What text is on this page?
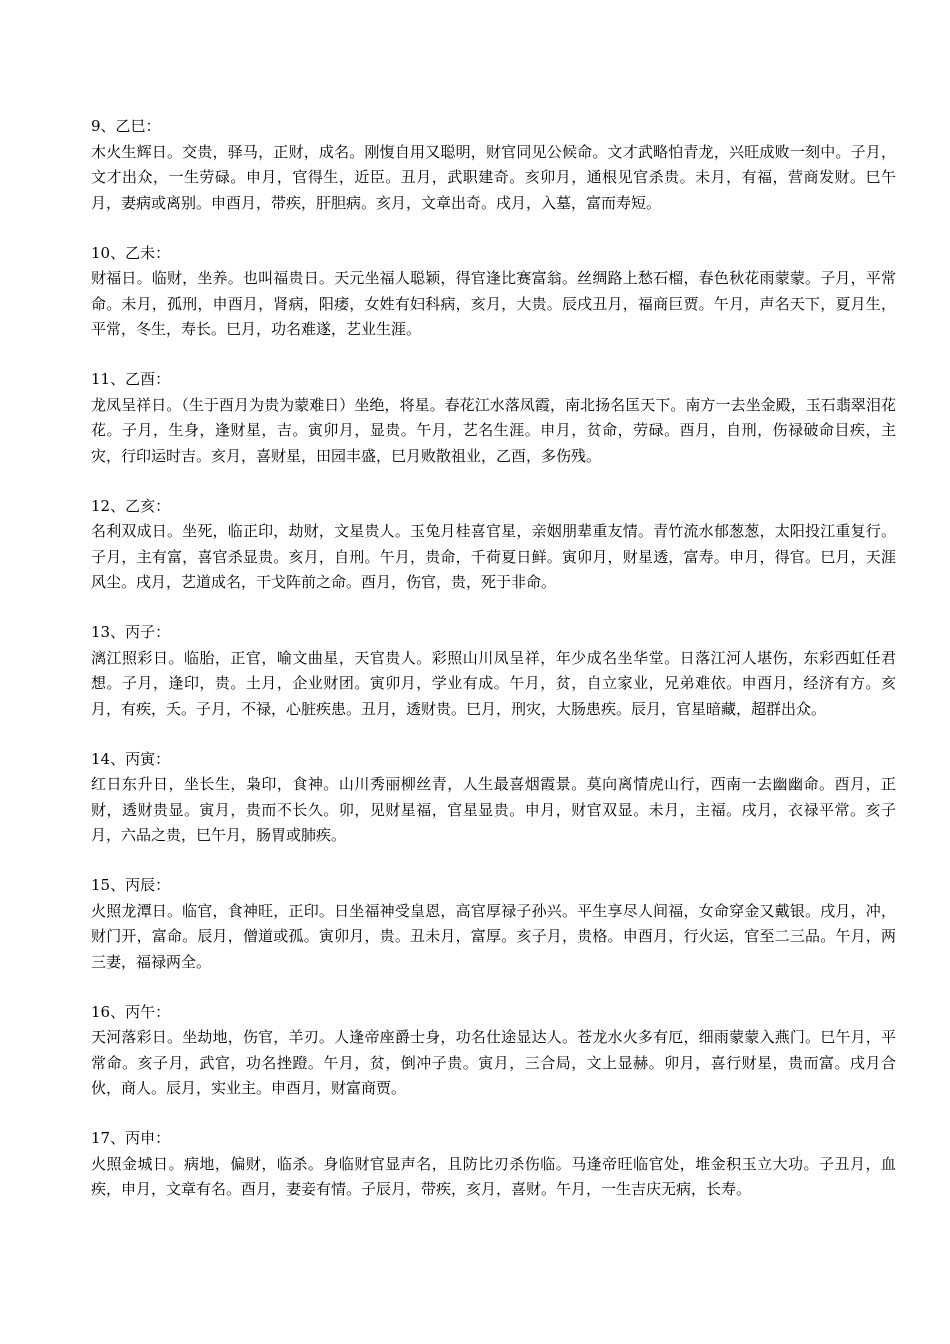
9、乙巳：
木火生辉日。交贵，驿马，正财，成名。刚愎自用又聪明，财官同见公候命。文才武略怕青龙，兴旺成败一刻中。子月，文才出众，一生劳碌。申月，官得生，近臣。丑月，武职建奇。亥卯月，通根见官杀贵。未月，有福，营商发财。巳午月，妻病或离别。申酉月，带疾，肝胆病。亥月，文章出奇。戌月，入墓，富而寿短。
10、乙未：
财福日。临财，坐养。也叫福贵日。天元坐福人聪颖，得官逢比赛富翁。丝绸路上愁石榴，春色秋花雨蒙蒙。子月，平常命。未月，孤刑，申酉月，肾病，阳痿，女姓有妇科病，亥月，大贵。辰戌丑月，福商巨贾。午月，声名天下，夏月生，平常，冬生，寿长。巳月，功名难遂，艺业生涯。
11、乙酉：
龙凤呈祥日。（生于酉月为贵为蒙难日）坐绝，将星。春花江水落凤霞，南北扬名匡天下。南方一去坐金殿，玉石翡翠泪花花。子月，生身，逢财星，吉。寅卯月，显贵。午月，艺名生涯。申月，贫命，劳碌。酉月，自刑，伤禄破命目疾，主灾，行印运时吉。亥月，喜财星，田园丰盛，巳月败散祖业，乙酉，多伤残。
12、乙亥：
名利双成日。坐死，临正印，劫财，文星贵人。玉兔月桂喜官星，亲姻朋辈重友情。青竹流水郁葱葱，太阳投江重复行。子月，主有富，喜官杀显贵。亥月，自刑。午月，贵命，千荷夏日鲜。寅卯月，财星透，富寿。申月，得官。巳月，天涯风尘。戌月，艺道成名，干戈阵前之命。酉月，伤官，贵，死于非命。
13、丙子：
漓江照彩日。临胎，正官，喻文曲星，天官贵人。彩照山川凤呈祥，年少成名坐华堂。日落江河人堪伤，东彩西虹任君想。子月，逢印，贵。土月，企业财团。寅卯月，学业有成。午月，贫，自立家业，兄弟难依。申酉月，经济有方。亥月，有疾，夭。子月，不禄，心脏疾患。丑月，透财贵。巳月，刑灾，大肠患疾。辰月，官星暗藏，超群出众。
14、丙寅：
红日东升日，坐长生，枭印，食神。山川秀丽柳丝青，人生最喜烟霞景。莫向离情虎山行，西南一去幽幽命。酉月，正财，透财贵显。寅月，贵而不长久。卯，见财星福，官星显贵。申月，财官双显。未月，主福。戌月，衣禄平常。亥子月，六品之贵，巳午月，肠胃或肺疾。
15、丙辰：
火照龙潭日。临官，食神旺，正印。日坐福神受皇恩，高官厚禄子孙兴。平生享尽人间福，女命穿金又戴银。戌月，冲，财门开，富命。辰月，僧道或孤。寅卯月，贵。丑未月，富厚。亥子月，贵格。申酉月，行火运，官至二三品。午月，两三妻，福禄两全。
16、丙午：
天河落彩日。坐劫地，伤官，羊刃。人逢帝座爵士身，功名仕途显达人。苍龙水火多有厄，细雨蒙蒙入燕门。巳午月，平常命。亥子月，武官，功名挫蹬。午月，贫，倒冲子贵。寅月，三合局，文上显赫。卯月，喜行财星，贵而富。戌月合伙，商人。辰月，实业主。申酉月，财富商贾。
17、丙申：
火照金城日。病地，偏财，临杀。身临财官显声名，且防比刃杀伤临。马逢帝旺临官处，堆金积玉立大功。子丑月，血疾，申月，文章有名。酉月，妻妾有情。子辰月，带疾，亥月，喜财。午月，一生吉庆无病，长寿。
